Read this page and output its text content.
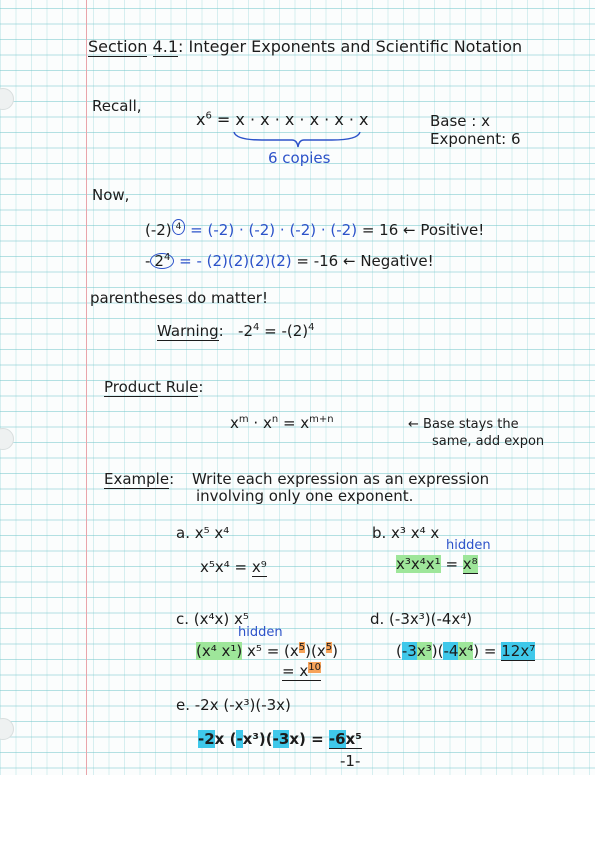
Section 4.1: Integer Exponents and Scientific Notation
Recall,
$x^6 = x \cdot x \cdot x \cdot x \cdot x \cdot x$
6 copies
Base : x
Exponent: 6
Now,
(-2) $^4$ = (-2) · (-2) · (-2) · (-2) = 16 ← Positive!
- $2^4$ = - (2)(2)(2)(2) = -16 ← Negative!
parentheses do matter!
Warning: $-2^4 = -(2)^4$
Product Rule:
$x^m \cdot x^n = x^{m+n}$	← Base stays the
same, add expon
Example: Write each expression as an expression
involving only one exponent.
a. x⁵ x⁴
x⁵x⁴ = x⁹
b. x³ x⁴ x
hidden
x³x⁴x¹ = x⁸
c. (x⁴x) x⁵
hidden
(x⁴ x¹) $x^5 = (x^5)(x^5)$
= $x^{10}$
d. (-3x³)(-4x⁴)
(-3x³)(-4x⁴) = 12x⁷
e. -2x (-x³)(-3x)
-2x (-x³)(-3x) = -6x⁵
-1-
